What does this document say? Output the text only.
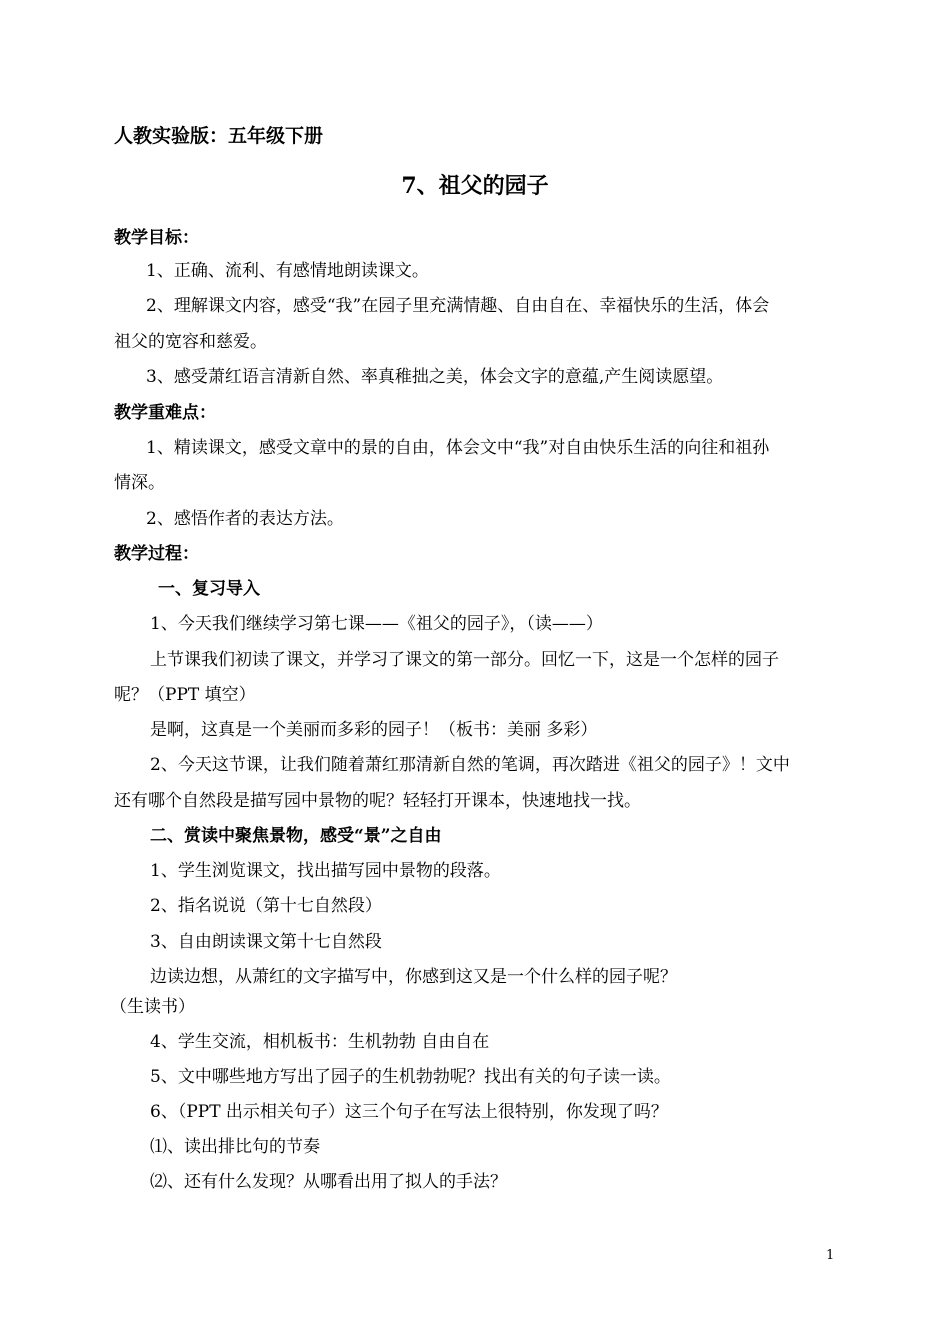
人教实验版：五年级下册
7、祖父的园子
教学目标：
1、正确、流利、有感情地朗读课文。
2、理解课文内容，感受“我”在园子里充满情趣、自由自在、幸福快乐的生活，体会
祖父的宽容和慈爱。
3、感受萧红语言清新自然、率真稚拙之美，体会文字的意蕴,产生阅读愿望。
教学重难点：
1、精读课文，感受文章中的景的自由，体会文中“我”对自由快乐生活的向往和祖孙
情深。
2、感悟作者的表达方法。
教学过程：
一、复习导入
1、今天我们继续学习第七课——《祖父的园子》，（读——）
上节课我们初读了课文，并学习了课文的第一部分。回忆一下，这是一个怎样的园子
呢？（PPT 填空）
是啊，这真是一个美丽而多彩的园子！（板书：美丽 多彩）
2、今天这节课，让我们随着萧红那清新自然的笔调，再次踏进《祖父的园子》！文中
还有哪个自然段是描写园中景物的呢？轻轻打开课本，快速地找一找。
二、赏读中聚焦景物，感受“景”之自由
1、学生浏览课文，找出描写园中景物的段落。
2、指名说说（第十七自然段）
3、自由朗读课文第十七自然段
边读边想，从萧红的文字描写中，你感到这又是一个什么样的园子呢？
（生读书）
4、学生交流，相机板书：生机勃勃 自由自在
5、文中哪些地方写出了园子的生机勃勃呢？找出有关的句子读一读。
6、（PPT 出示相关句子）这三个句子在写法上很特别，你发现了吗？
⑴、读出排比句的节奏
⑵、还有什么发现？从哪看出用了拟人的手法？
1
